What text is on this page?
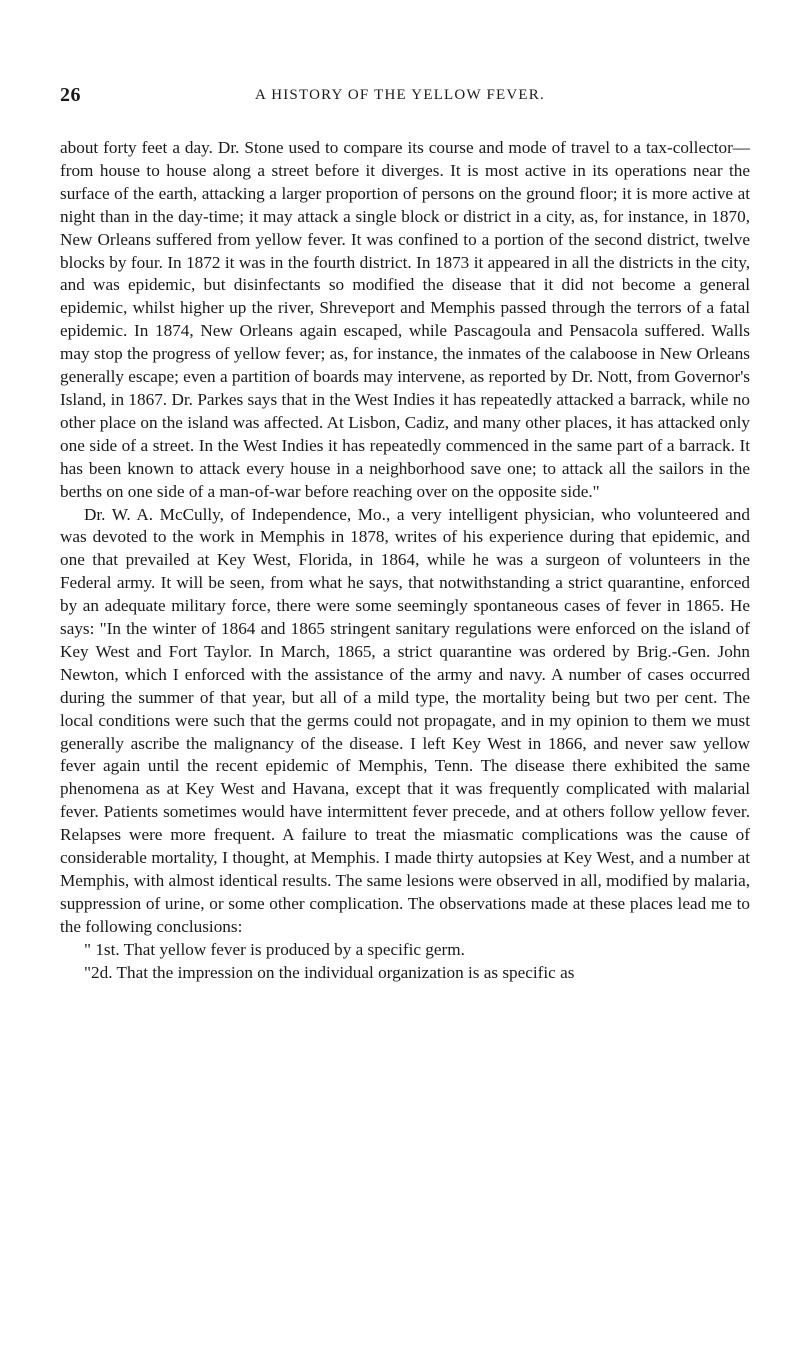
26	A HISTORY OF THE YELLOW FEVER.

about forty feet a day. Dr. Stone used to compare its course and mode of travel to a tax-collector—from house to house along a street before it diverges. It is most active in its operations near the surface of the earth, attacking a larger proportion of persons on the ground floor; it is more active at night than in the day-time; it may attack a single block or district in a city, as, for instance, in 1870, New Orleans suffered from yellow fever. It was confined to a portion of the second district, twelve blocks by four. In 1872 it was in the fourth district. In 1873 it appeared in all the districts in the city, and was epidemic, but disinfectants so modified the disease that it did not become a general epidemic, whilst higher up the river, Shreveport and Memphis passed through the terrors of a fatal epidemic. In 1874, New Orleans again escaped, while Pascagoula and Pensacola suffered. Walls may stop the progress of yellow fever; as, for instance, the inmates of the calaboose in New Orleans generally escape; even a partition of boards may intervene, as reported by Dr. Nott, from Governor's Island, in 1867. Dr. Parkes says that in the West Indies it has repeatedly attacked a barrack, while no other place on the island was affected. At Lisbon, Cadiz, and many other places, it has attacked only one side of a street. In the West Indies it has repeatedly commenced in the same part of a barrack. It has been known to attack every house in a neighborhood save one; to attack all the sailors in the berths on one side of a man-of-war before reaching over on the opposite side."

Dr. W. A. McCully, of Independence, Mo., a very intelligent physician, who volunteered and was devoted to the work in Memphis in 1878, writes of his experience during that epidemic, and one that prevailed at Key West, Florida, in 1864, while he was a surgeon of volunteers in the Federal army. It will be seen, from what he says, that notwithstanding a strict quarantine, enforced by an adequate military force, there were some seemingly spontaneous cases of fever in 1865. He says: "In the winter of 1864 and 1865 stringent sanitary regulations were enforced on the island of Key West and Fort Taylor. In March, 1865, a strict quarantine was ordered by Brig.-Gen. John Newton, which I enforced with the assistance of the army and navy. A number of cases occurred during the summer of that year, but all of a mild type, the mortality being but two per cent. The local conditions were such that the germs could not propagate, and in my opinion to them we must generally ascribe the malignancy of the disease. I left Key West in 1866, and never saw yellow fever again until the recent epidemic of Memphis, Tenn. The disease there exhibited the same phenomena as at Key West and Havana, except that it was frequently complicated with malarial fever. Patients sometimes would have intermittent fever precede, and at others follow yellow fever. Relapses were more frequent. A failure to treat the miasmatic complications was the cause of considerable mortality, I thought, at Memphis. I made thirty autopsies at Key West, and a number at Memphis, with almost identical results. The same lesions were observed in all, modified by malaria, suppression of urine, or some other complication. The observations made at these places lead me to the following conclusions:

" 1st. That yellow fever is produced by a specific germ.

"2d. That the impression on the individual organization is as specific as
